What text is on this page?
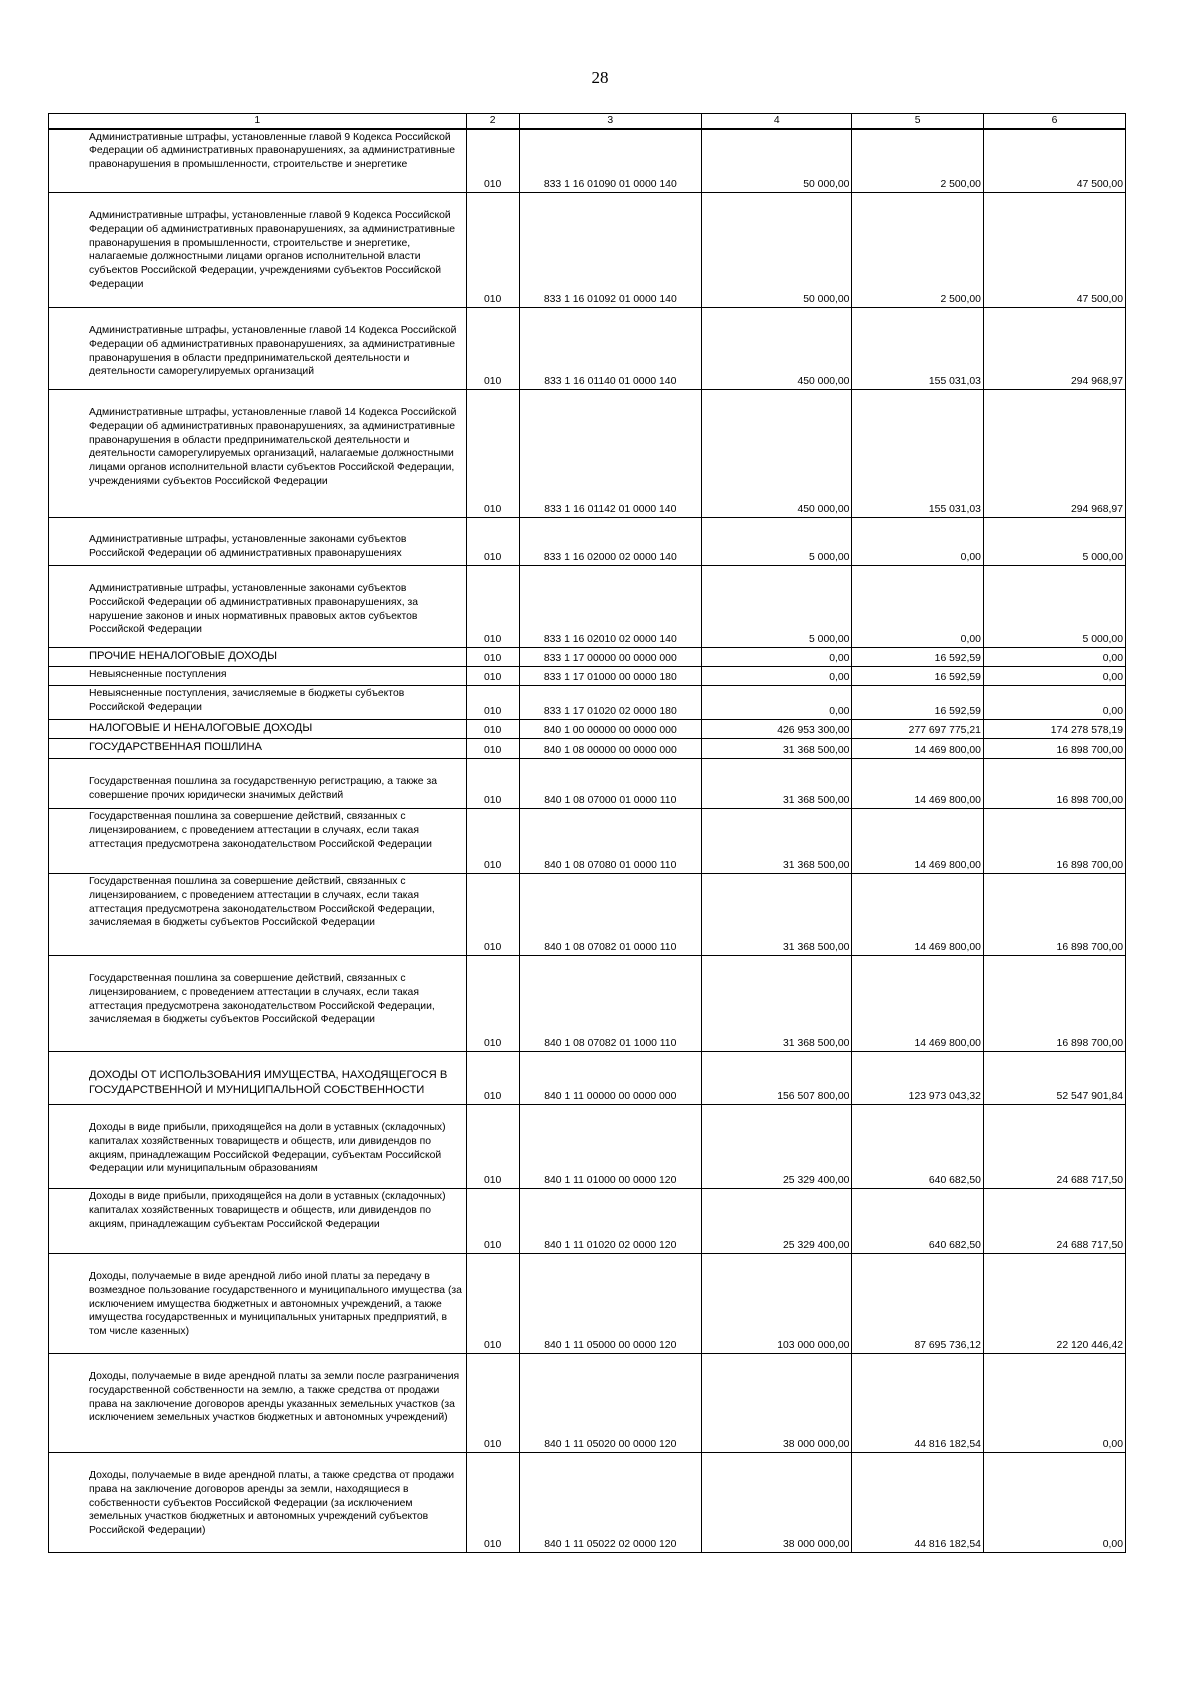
28
1	2	3	4	5	6
Административные штрафы, установленные главой 9 Кодекса Российской Федерации об административных правонарушениях, за административные правонарушения в промышленности, строительстве и энергетике	010	833 1 16 01090 01 0000 140	50 000,00	2 500,00	47 500,00
Административные штрафы, установленные главой 9 Кодекса Российской Федерации об административных правонарушениях, за административные правонарушения в промышленности, строительстве и энергетике, налагаемые должностными лицами органов исполнительной власти субъектов Российской Федерации, учреждениями субъектов Российской Федерации	010	833 1 16 01092 01 0000 140	50 000,00	2 500,00	47 500,00
Административные штрафы, установленные главой 14 Кодекса Российской Федерации об административных правонарушениях, за административные правонарушения в области предпринимательской деятельности и деятельности саморегулируемых организаций	010	833 1 16 01140 01 0000 140	450 000,00	155 031,03	294 968,97
Административные штрафы, установленные главой 14 Кодекса Российской Федерации об административных правонарушениях, за административные правонарушения в области предпринимательской деятельности и деятельности саморегулируемых организаций, налагаемые должностными лицами органов исполнительной власти субъектов Российской Федерации, учреждениями субъектов Российской Федерации	010	833 1 16 01142 01 0000 140	450 000,00	155 031,03	294 968,97
Административные штрафы, установленные законами субъектов Российской Федерации об административных правонарушениях	010	833 1 16 02000 02 0000 140	5 000,00	0,00	5 000,00
Административные штрафы, установленные законами субъектов Российской Федерации об административных правонарушениях, за нарушение законов и иных нормативных правовых актов субъектов Российской Федерации	010	833 1 16 02010 02 0000 140	5 000,00	0,00	5 000,00
ПРОЧИЕ НЕНАЛОГОВЫЕ ДОХОДЫ	010	833 1 17 00000 00 0000 000	0,00	16 592,59	0,00
Невыясненные поступления	010	833 1 17 01000 00 0000 180	0,00	16 592,59	0,00
Невыясненные поступления, зачисляемые в бюджеты субъектов Российской Федерации	010	833 1 17 01020 02 0000 180	0,00	16 592,59	0,00
НАЛОГОВЫЕ И НЕНАЛОГОВЫЕ ДОХОДЫ	010	840 1 00 00000 00 0000 000	426 953 300,00	277 697 775,21	174 278 578,19
ГОСУДАРСТВЕННАЯ ПОШЛИНА	010	840 1 08 00000 00 0000 000	31 368 500,00	14 469 800,00	16 898 700,00
Государственная пошлина за государственную регистрацию, а также за совершение прочих юридически значимых действий	010	840 1 08 07000 01 0000 110	31 368 500,00	14 469 800,00	16 898 700,00
Государственная пошлина за совершение действий, связанных с лицензированием, с проведением аттестации в случаях, если такая аттестация предусмотрена законодательством Российской Федерации	010	840 1 08 07080 01 0000 110	31 368 500,00	14 469 800,00	16 898 700,00
Государственная пошлина за совершение действий, связанных с лицензированием, с проведением аттестации в случаях, если такая аттестация предусмотрена законодательством Российской Федерации, зачисляемая в бюджеты субъектов Российской Федерации	010	840 1 08 07082 01 0000 110	31 368 500,00	14 469 800,00	16 898 700,00
Государственная пошлина за совершение действий, связанных с лицензированием, с проведением аттестации в случаях, если такая аттестация предусмотрена законодательством Российской Федерации, зачисляемая в бюджеты субъектов Российской Федерации	010	840 1 08 07082 01 1000 110	31 368 500,00	14 469 800,00	16 898 700,00
ДОХОДЫ ОТ ИСПОЛЬЗОВАНИЯ ИМУЩЕСТВА, НАХОДЯЩЕГОСЯ В ГОСУДАРСТВЕННОЙ И МУНИЦИПАЛЬНОЙ СОБСТВЕННОСТИ	010	840 1 11 00000 00 0000 000	156 507 800,00	123 973 043,32	52 547 901,84
Доходы в виде прибыли, приходящейся на доли в уставных (складочных) капиталах хозяйственных товариществ и обществ, или дивидендов по акциям, принадлежащим Российской Федерации, субъектам Российской Федерации или муниципальным образованиям	010	840 1 11 01000 00 0000 120	25 329 400,00	640 682,50	24 688 717,50
Доходы в виде прибыли, приходящейся на доли в уставных (складочных) капиталах хозяйственных товариществ и обществ, или дивидендов по акциям, принадлежащим субъектам Российской Федерации	010	840 1 11 01020 02 0000 120	25 329 400,00	640 682,50	24 688 717,50
Доходы, получаемые в виде арендной либо иной платы за передачу в возмездное пользование государственного и муниципального имущества (за исключением имущества бюджетных и автономных учреждений, а также имущества государственных и муниципальных унитарных предприятий, в том числе казенных)	010	840 1 11 05000 00 0000 120	103 000 000,00	87 695 736,12	22 120 446,42
Доходы, получаемые в виде арендной платы за земли после разграничения государственной собственности на землю, а также средства от продажи права на заключение договоров аренды указанных земельных участков (за исключением земельных участков бюджетных и автономных учреждений)	010	840 1 11 05020 00 0000 120	38 000 000,00	44 816 182,54	0,00
Доходы, получаемые в виде арендной платы, а также средства от продажи права на заключение договоров аренды за земли, находящиеся в собственности субъектов Российской Федерации (за исключением земельных участков бюджетных и автономных учреждений субъектов Российской Федерации)	010	840 1 11 05022 02 0000 120	38 000 000,00	44 816 182,54	0,00
